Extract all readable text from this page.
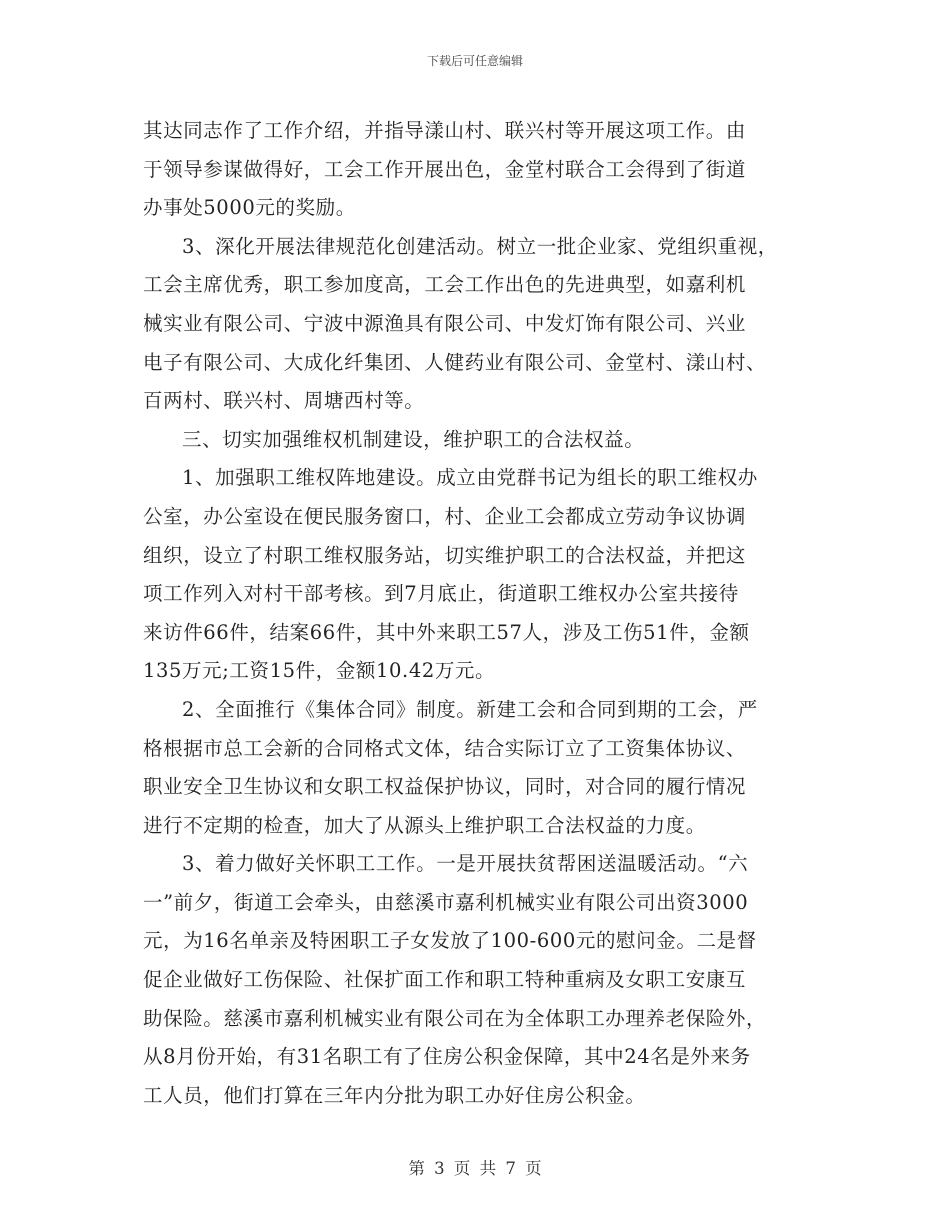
下载后可任意编辑
其达同志作了工作介绍，并指导漾山村、联兴村等开展这项工作。由
于领导参谋做得好，工会工作开展出色，金堂村联合工会得到了街道
办事处5000元的奖励。
3、深化开展法律规范化创建活动。树立一批企业家、党组织重视，
工会主席优秀，职工参加度高，工会工作出色的先进典型，如嘉利机
械实业有限公司、宁波中源渔具有限公司、中发灯饰有限公司、兴业
电子有限公司、大成化纤集团、人健药业有限公司、金堂村、漾山村、
百两村、联兴村、周塘西村等。
三、切实加强维权机制建设，维护职工的合法权益。
1、加强职工维权阵地建设。成立由党群书记为组长的职工维权办
公室，办公室设在便民服务窗口，村、企业工会都成立劳动争议协调
组织，设立了村职工维权服务站，切实维护职工的合法权益，并把这
项工作列入对村干部考核。到7月底止，街道职工维权办公室共接待
来访件66件，结案66件，其中外来职工57人，涉及工伤51件，金额
135万元;工资15件，金额10.42万元。
2、全面推行《集体合同》制度。新建工会和合同到期的工会，严
格根据市总工会新的合同格式文体，结合实际订立了工资集体协议、
职业安全卫生协议和女职工权益保护协议，同时，对合同的履行情况
进行不定期的检查，加大了从源头上维护职工合法权益的力度。
3、着力做好关怀职工工作。一是开展扶贫帮困送温暖活动。“六
一”前夕，街道工会牵头，由慈溪市嘉利机械实业有限公司出资3000
元，为16名单亲及特困职工子女发放了100-600元的慰问金。二是督
促企业做好工伤保险、社保扩面工作和职工特种重病及女职工安康互
助保险。慈溪市嘉利机械实业有限公司在为全体职工办理养老保险外，
从8月份开始，有31名职工有了住房公积金保障，其中24名是外来务
工人员，他们打算在三年内分批为职工办好住房公积金。
第 3 页 共 7 页
